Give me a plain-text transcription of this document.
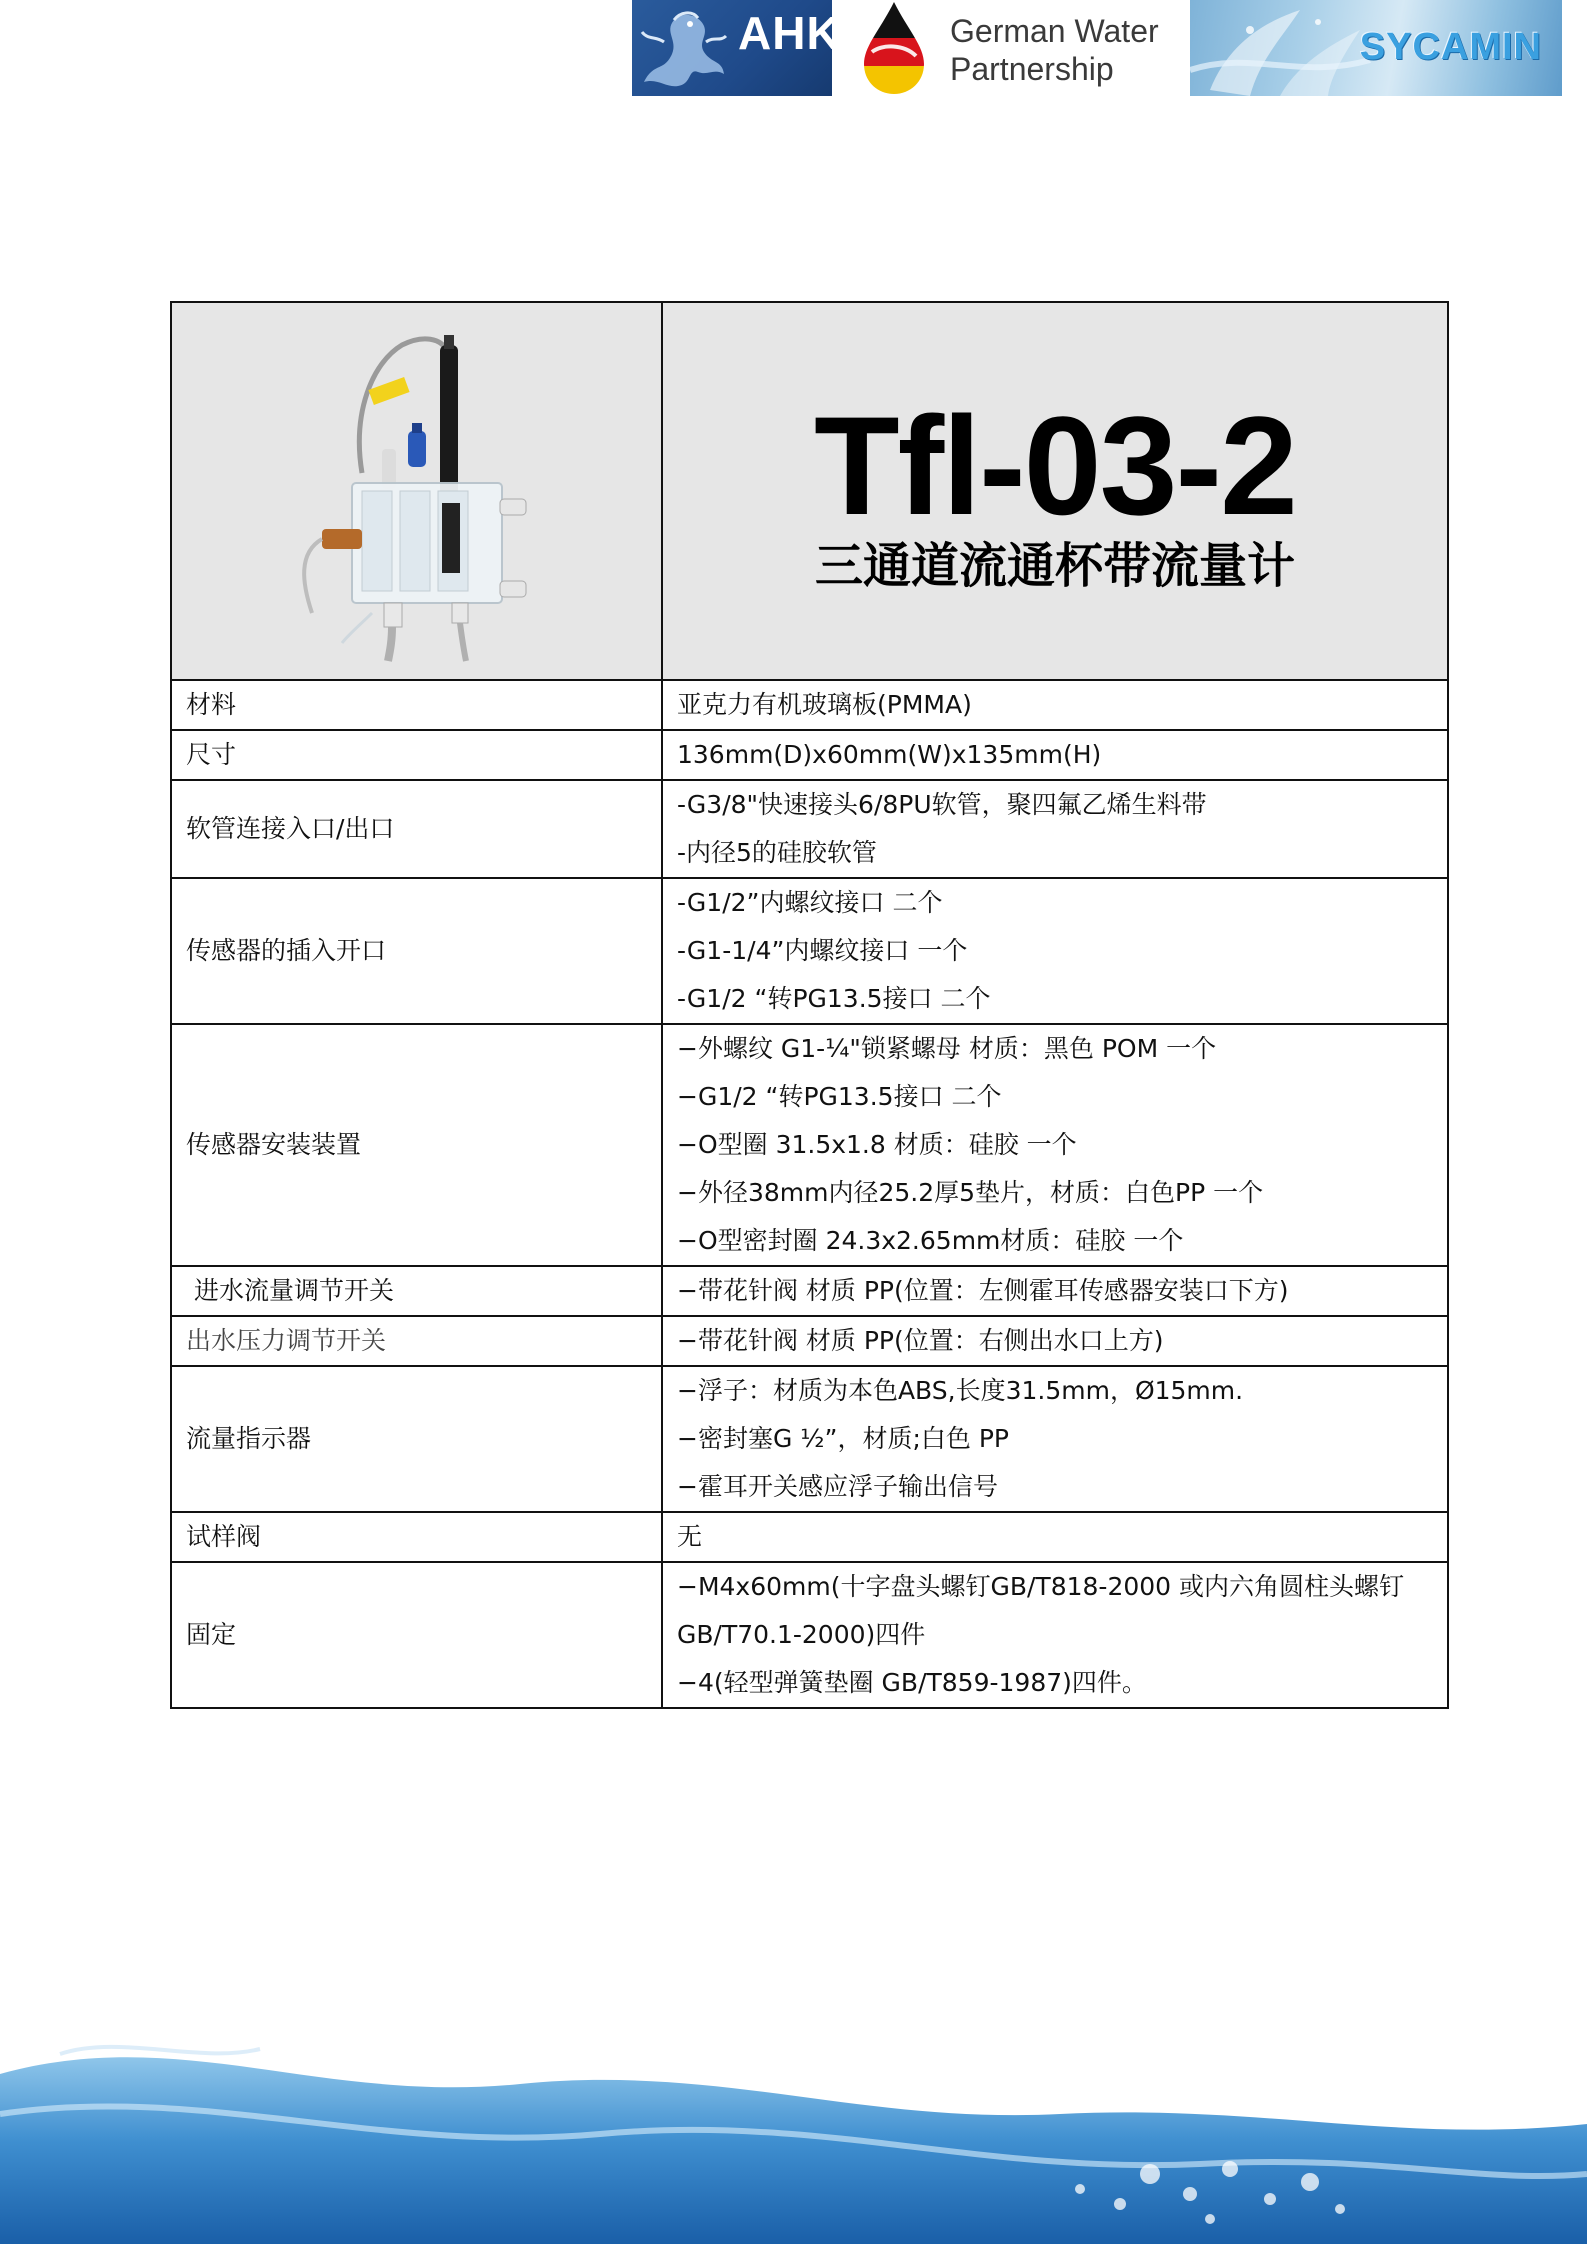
AHK	German Water
Partnership
SYCAMIN

Tfl-03-2
三通道流通杯带流量计

材料	亚克力有机玻璃板(PMMA)

尺寸	136mm(D)x60mm(W)x135mm(H)

软管连接入口/出口	-G3/8"快速接头6/8PU软管，聚四氟乙烯生料带
-内径5的硅胶软管

传感器的插入开口	-G1/2”内螺纹接口 二个
-G1-1/4”内螺纹接口 一个
-G1/2 “转PG13.5接口 二个

传感器安装装置	−外螺纹 G1-¼"锁紧螺母 材质：黑色 POM 一个
−G1/2 “转PG13.5接口 二个
−O型圈 31.5x1.8 材质：硅胶 一个
−外径38mm内径25.2厚5垫片，材质：白色PP 一个
−O型密封圈 24.3x2.65mm材质：硅胶 一个

进水流量调节开关	−带花针阀 材质 PP(位置：左侧霍耳传感器安装口下方)

出水压力调节开关	−带花针阀 材质 PP(位置：右侧出水口上方)

流量指示器	−浮子：材质为本色ABS,长度31.5mm，Ø15mm.
−密封塞G ½”，材质;白色 PP
−霍耳开关感应浮子输出信号

试样阀	无

固定	−M4x60mm(十字盘头螺钉GB/T818-2000 或内六角圆柱头螺钉GB/T70.1-2000)四件
−4(轻型弹簧垫圈 GB/T859-1987)四件。
